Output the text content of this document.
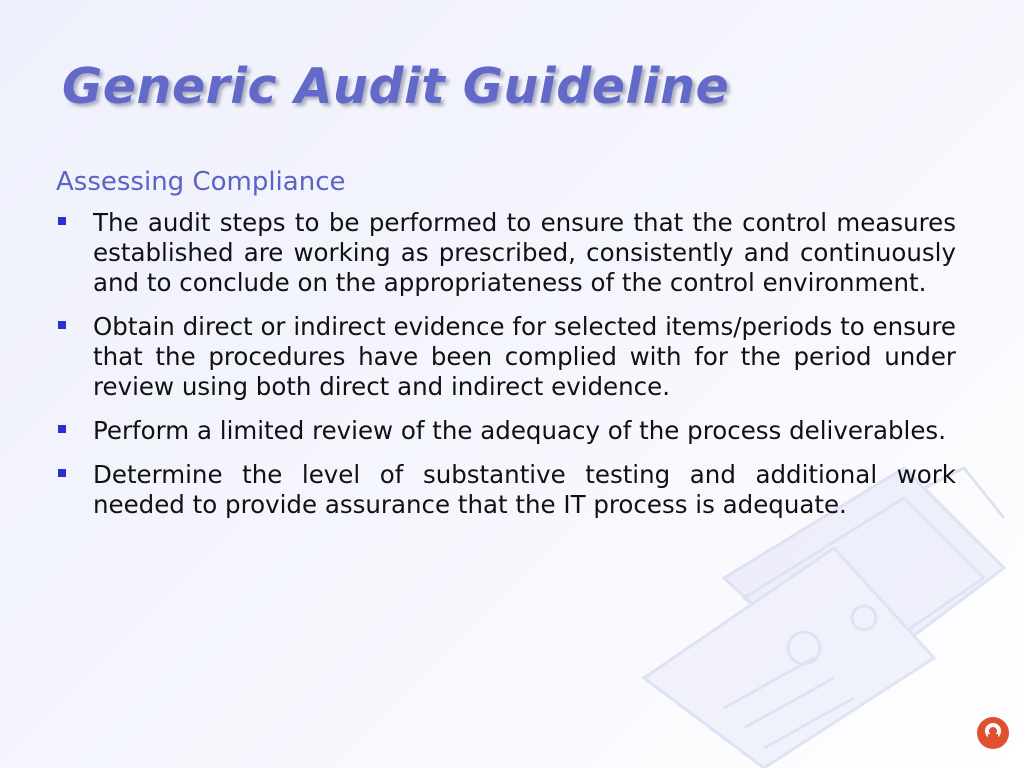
Generic Audit Guideline
Assessing Compliance
The audit steps to be performed to ensure that the control measures established are working as prescribed, consistently and continuously and to conclude on the appropriateness of the control environment.
Obtain direct or indirect evidence for selected items/periods to ensure that the procedures have been complied with for the period under review using both direct and indirect evidence.
Perform a limited review of the adequacy of the process deliverables.
Determine the level of substantive testing and additional work needed to provide assurance that the IT process is adequate.
